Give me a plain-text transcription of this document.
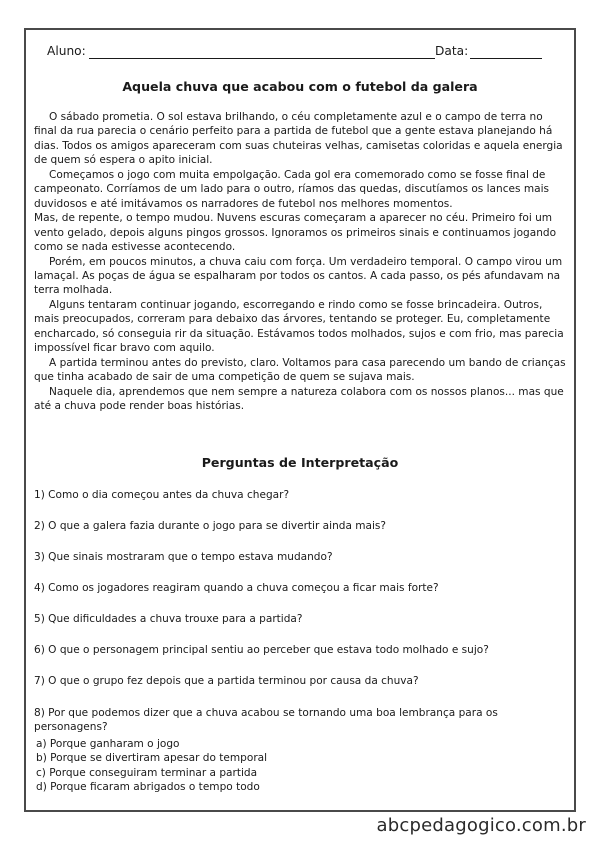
Aluno:	Data:
Aquela chuva que acabou com o futebol da galera

O sábado prometia. O sol estava brilhando, o céu completamente azul e o campo de terra no final da rua parecia o cenário perfeito para a partida de futebol que a gente estava planejando há dias. Todos os amigos apareceram com suas chuteiras velhas, camisetas coloridas e aquela energia de quem só espera o apito inicial.

Começamos o jogo com muita empolgação. Cada gol era comemorado como se fosse final de campeonato. Corríamos de um lado para o outro, ríamos das quedas, discutíamos os lances mais duvidosos e até imitávamos os narradores de futebol nos melhores momentos.

Mas, de repente, o tempo mudou. Nuvens escuras começaram a aparecer no céu. Primeiro foi um vento gelado, depois alguns pingos grossos. Ignoramos os primeiros sinais e continuamos jogando como se nada estivesse acontecendo.

Porém, em poucos minutos, a chuva caiu com força. Um verdadeiro temporal. O campo virou um lamaçal. As poças de água se espalharam por todos os cantos. A cada passo, os pés afundavam na terra molhada.

Alguns tentaram continuar jogando, escorregando e rindo como se fosse brincadeira. Outros, mais preocupados, correram para debaixo das árvores, tentando se proteger. Eu, completamente encharcado, só conseguia rir da situação. Estávamos todos molhados, sujos e com frio, mas parecia impossível ficar bravo com aquilo.

A partida terminou antes do previsto, claro. Voltamos para casa parecendo um bando de crianças que tinha acabado de sair de uma competição de quem se sujava mais.

Naquele dia, aprendemos que nem sempre a natureza colabora com os nossos planos... mas que até a chuva pode render boas histórias.

Perguntas de Interpretação
1) Como o dia começou antes da chuva chegar?
2) O que a galera fazia durante o jogo para se divertir ainda mais?
3) Que sinais mostraram que o tempo estava mudando?
4) Como os jogadores reagiram quando a chuva começou a ficar mais forte?
5) Que dificuldades a chuva trouxe para a partida?
6) O que o personagem principal sentiu ao perceber que estava todo molhado e sujo?
7) O que o grupo fez depois que a partida terminou por causa da chuva?
8) Por que podemos dizer que a chuva acabou se tornando uma boa lembrança para os personagens?
a) Porque ganharam o jogo
b) Porque se divertiram apesar do temporal
c) Porque conseguiram terminar a partida
d) Porque ficaram abrigados o tempo todo
abcpedagogico.com.br
